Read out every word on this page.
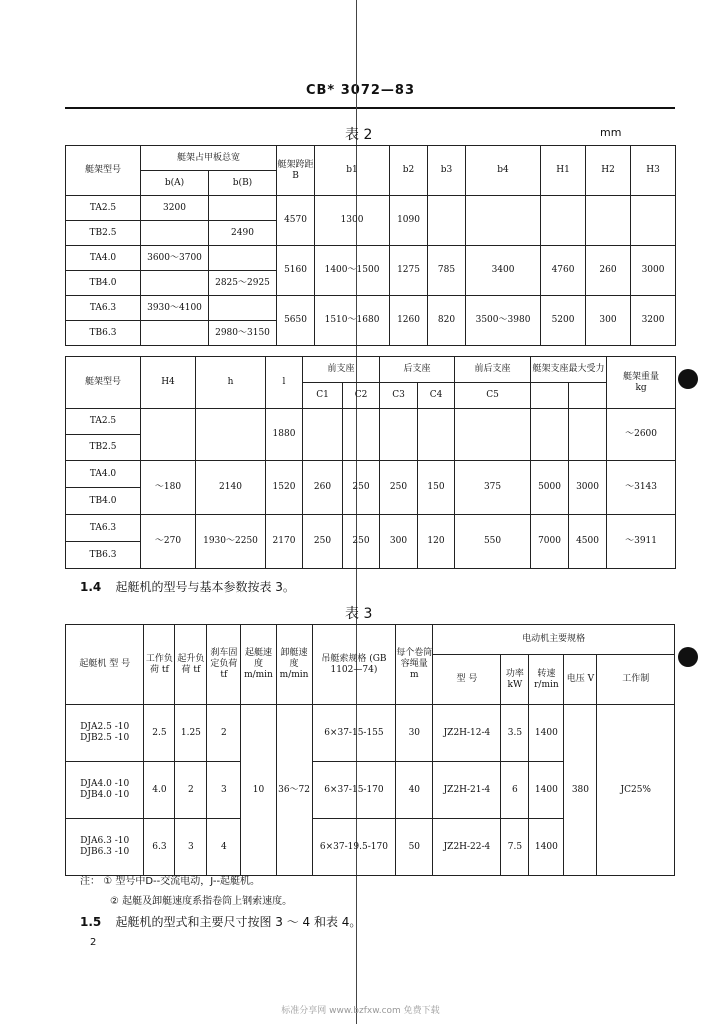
CB* 3072—83
表 2	mm
艇架型号	艇架占甲板总宽		艇架跨距 B	b1	b2	b3	b4	H1	H2	H3
	b(A)	b(B)								
TA2.5	3200		4570	1300	1090					
TB2.5		2490								
TA4.0	3600～3700		5160	1400～1500	1275	785	3400	4760	260	3000
TB4.0		2825～2925								
TA6.3	3930～4100		5650	1510～1680	1260	820	3500～3980	5200	300	3200
TB6.3		2980～3150								
艇架型号	H4	h	l	前支座		后支座		前后支座	艇架支座最大受力		艇架重量
kg
				C1	C2	C3	C4	C5			
TA2.5			1880								～2600
TB2.5											
TA4.0	～180	2140	1520	260	250	250	150	375	5000	3000	～3143
TB4.0											
TA6.3	～270	1930～2250	2170	250	250	300	120	550	7000	4500	～3911
TB6.3											
1.4 起艇机的型号与基本参数按表 3。
表 3
起艇机 型 号	工作负荷 tf	起升负荷 tf	刹车固定负荷 tf	起艇速度 m/min	卸艇速度 m/min	吊艇索规格 (GB 1102—74)	每个卷筒容绳量 m	电动机主要规格				
								型 号	功率 kW	转速 r/min	电压 V	工作制
DJA2.5 -10
DJB2.5 -10	2.5	1.25	2	10	36～72	6×37-15-155	30	JZ2H-12-4	3.5	1400	380	JC25%
DJA4.0 -10
DJB4.0 -10	4.0	2	3			6×37-15-170	40	JZ2H-21-4	6	1400		
DJA6.3 -10
DJB6.3 -10	6.3	3	4			6×37-19.5-170	50	JZ2H-22-4	7.5	1400		
注： ① 型号中D--交流电动，J--起艇机。
② 起艇及卸艇速度系指卷筒上钢索速度。
1.5 起艇机的型式和主要尺寸按图 3 ～ 4 和表 4。
2
标准分享网 www.bzfxw.com 免费下载
